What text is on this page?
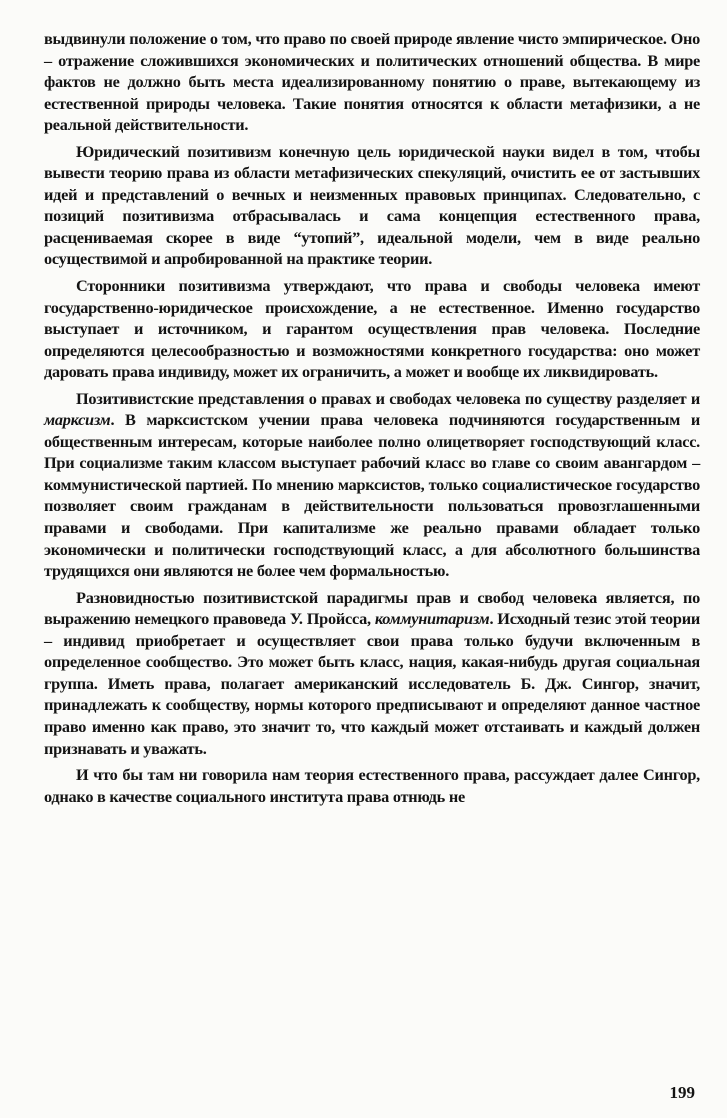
выдвинули положение о том, что право по своей природе явление чисто эмпирическое. Оно – отражение сложившихся экономических и политических отношений общества. В мире фактов не должно быть места идеализированному понятию о праве, вытекающему из естественной природы человека. Такие понятия относятся к области метафизики, а не реальной действительности.

Юридический позитивизм конечную цель юридической науки видел в том, чтобы вывести теорию права из области метафизических спекуляций, очистить ее от застывших идей и представлений о вечных и неизменных правовых принципах. Следовательно, с позиций позитивизма отбрасывалась и сама концепция естественного права, расцениваемая скорее в виде “утопий”, идеальной модели, чем в виде реально осуществимой и апробированной на практике теории.

Сторонники позитивизма утверждают, что права и свободы человека имеют государственно-юридическое происхождение, а не естественное. Именно государство выступает и источником, и гарантом осуществления прав человека. Последние определяются целесообразностью и возможностями конкретного государства: оно может даровать права индивиду, может их ограничить, а может и вообще их ликвидировать.

Позитивистские представления о правах и свободах человека по существу разделяет и марксизм. В марксистском учении права человека подчиняются государственным и общественным интересам, которые наиболее полно олицетворяет господствующий класс. При социализме таким классом выступает рабочий класс во главе со своим авангардом – коммунистической партией. По мнению марксистов, только социалистическое государство позволяет своим гражданам в действительности пользоваться провозглашенными правами и свободами. При капитализме же реально правами обладает только экономически и политически господствующий класс, а для абсолютного большинства трудящихся они являются не более чем формальностью.

Разновидностью позитивистской парадигмы прав и свобод человека является, по выражению немецкого правоведа У. Пройсса, коммунитаризм. Исходный тезис этой теории – индивид приобретает и осуществляет свои права только будучи включенным в определенное сообщество. Это может быть класс, нация, какая-нибудь другая социальная группа. Иметь права, полагает американский исследователь Б. Дж. Сингор, значит, принадлежать к сообществу, нормы которого предписывают и определяют данное частное право именно как право, это значит то, что каждый может отстаивать и каждый должен признавать и уважать.

И что бы там ни говорила нам теория естественного права, рассуждает далее Сингор, однако в качестве социального института права отнюдь не

199
